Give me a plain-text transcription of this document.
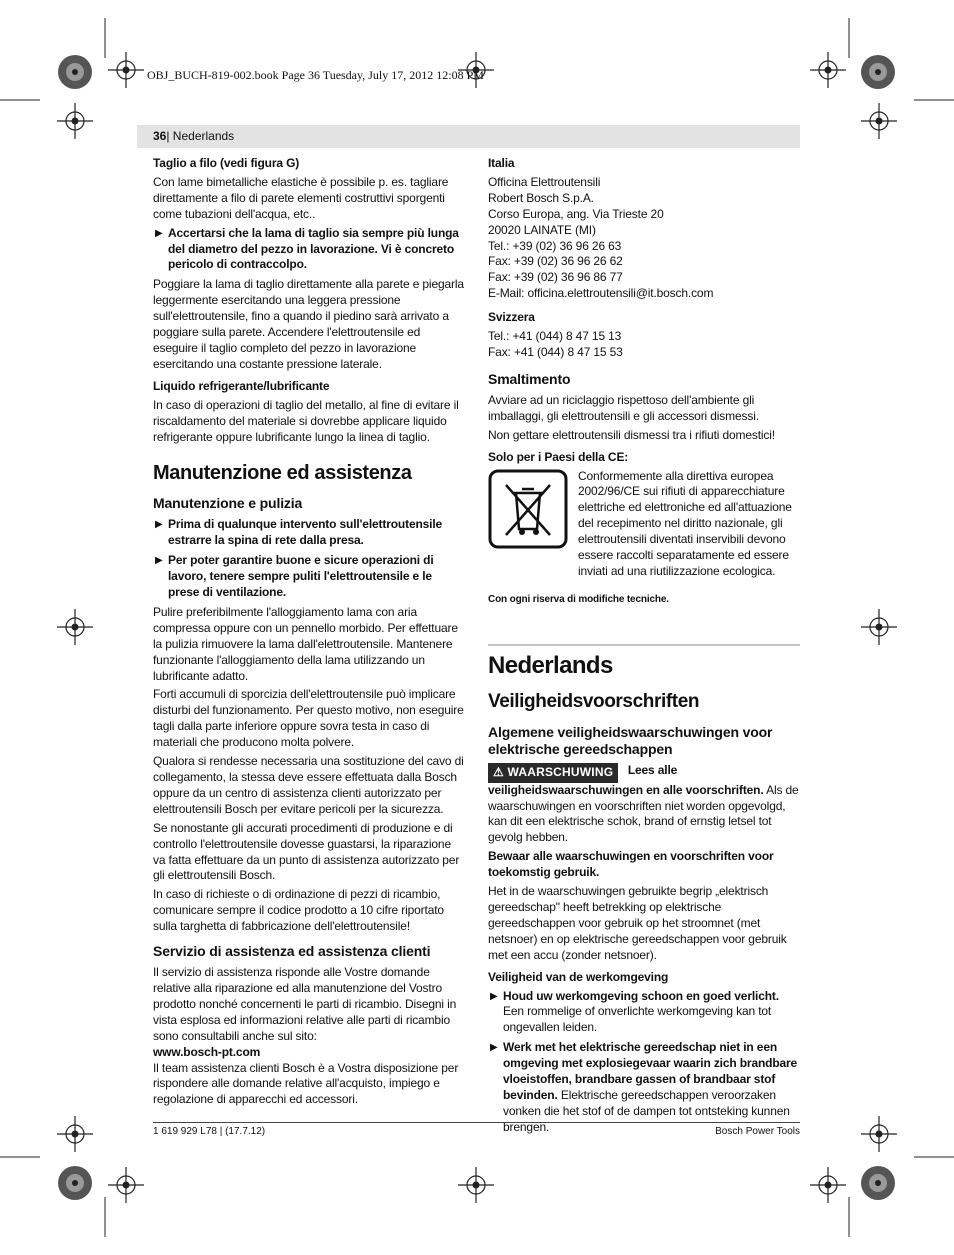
OBJ_BUCH-819-002.book Page 36 Tuesday, July 17, 2012 12:08 PM
36| Nederlands
Taglio a filo (vedi figura G)

Con lame bimetalliche elastiche è possibile p. es. tagliare direttamente a filo di parete elementi costruttivi sporgenti come tubazioni dell'acqua, etc..

▶ Accertarsi che la lama di taglio sia sempre più lunga del diametro del pezzo in lavorazione. Vi è concreto pericolo di contraccolpo.

Poggiare la lama di taglio direttamente alla parete e piegarla leggermente esercitando una leggera pressione sull'elettroutensile, fino a quando il piedino sarà arrivato a poggiare sulla parete. Accendere l'elettroutensile ed eseguire il taglio completo del pezzo in lavorazione esercitando una costante pressione laterale.

Liquido refrigerante/lubrificante

In caso di operazioni di taglio del metallo, al fine di evitare il riscaldamento del materiale si dovrebbe applicare liquido refrigerante oppure lubrificante lungo la linea di taglio.

Manutenzione ed assistenza
Manutenzione e pulizia
▶ Prima di qualunque intervento sull'elettroutensile estrarre la spina di rete dalla presa.
▶ Per poter garantire buone e sicure operazioni di lavoro, tenere sempre puliti l'elettroutensile e le prese di ventilazione.

Pulire preferibilmente l'alloggiamento lama con aria compressa oppure con un pennello morbido. Per effettuare la pulizia rimuovere la lama dall'elettroutensile. Mantenere funzionante l'alloggiamento della lama utilizzando un lubrificante adatto.

Forti accumuli di sporcizia dell'elettroutensile può implicare disturbi del funzionamento. Per questo motivo, non eseguire tagli dalla parte inferiore oppure sovra testa in caso di materiali che producono molta polvere.

Qualora si rendesse necessaria una sostituzione del cavo di collegamento, la stessa deve essere effettuata dalla Bosch oppure da un centro di assistenza clienti autorizzato per elettroutensili Bosch per evitare pericoli per la sicurezza.

Se nonostante gli accurati procedimenti di produzione e di controllo l'elettroutensile dovesse guastarsi, la riparazione va fatta effettuare da un punto di assistenza autorizzato per gli elettroutensili Bosch.

In caso di richieste o di ordinazione di pezzi di ricambio, comunicare sempre il codice prodotto a 10 cifre riportato sulla targhetta di fabbricazione dell'elettroutensile!

Servizio di assistenza ed assistenza clienti

Il servizio di assistenza risponde alle Vostre domande relative alla riparazione ed alla manutenzione del Vostro prodotto nonché concernenti le parti di ricambio. Disegni in vista esplosa ed informazioni relative alle parti di ricambio sono consultabili anche sul sito:

www.bosch-pt.com

Il team assistenza clienti Bosch è a Vostra disposizione per rispondere alle domande relative all'acquisto, impiego e regolazione di apparecchi ed accessori.

Italia
Officina Elettroutensili
Robert Bosch S.p.A.
Corso Europa, ang. Via Trieste 20
20020 LAINATE (MI)
Tel.: +39 (02) 36 96 26 63
Fax: +39 (02) 36 96 26 62
Fax: +39 (02) 36 96 86 77
E-Mail: officina.elettroutensili@it.bosch.com
Svizzera
Tel.: +41 (044) 8 47 15 13
Fax: +41 (044) 8 47 15 53
Smaltimento

Avviare ad un riciclaggio rispettoso dell'ambiente gli imballaggi, gli elettroutensili e gli accessori dismessi.

Non gettare elettroutensili dismessi tra i rifiuti domestici!

Solo per i Paesi della CE:
Conformemente alla direttiva europea 2002/96/CE sui rifiuti di apparecchiature elettriche ed elettroniche ed all'attuazione del recepimento nel diritto nazionale, gli elettroutensili diventati inservibili devono essere raccolti separatamente ed essere inviati ad una riutilizzazione ecologica.
Con ogni riserva di modifiche tecniche.
Nederlands
Veiligheidsvoorschriften
Algemene veiligheidswaarschuwingen voor elektrische gereedschappen

⚠ WAARSCHUWING Lees alle veiligheidswaarschuwingen en alle voorschriften. Als de waarschuwingen en voorschriften niet worden opgevolgd, kan dit een elektrische schok, brand of ernstig letsel tot gevolg hebben.

Bewaar alle waarschuwingen en voorschriften voor toekomstig gebruik.

Het in de waarschuwingen gebruikte begrip „elektrisch gereedschap" heeft betrekking op elektrische gereedschappen voor gebruik op het stroomnet (met netsnoer) en op elektrische gereedschappen voor gebruik met een accu (zonder netsnoer).

Veiligheid van de werkomgeving
▶ Houd uw werkomgeving schoon en goed verlicht. Een rommelige of onverlichte werkomgeving kan tot ongevallen leiden.
▶ Werk met het elektrische gereedschap niet in een omgeving met explosiegevaar waarin zich brandbare vloeistoffen, brandbare gassen of brandbaar stof bevinden. Elektrische gereedschappen veroorzaken vonken die het stof of de dampen tot ontsteking kunnen brengen.
1 619 929 L78 | (17.7.12)	Bosch Power Tools
